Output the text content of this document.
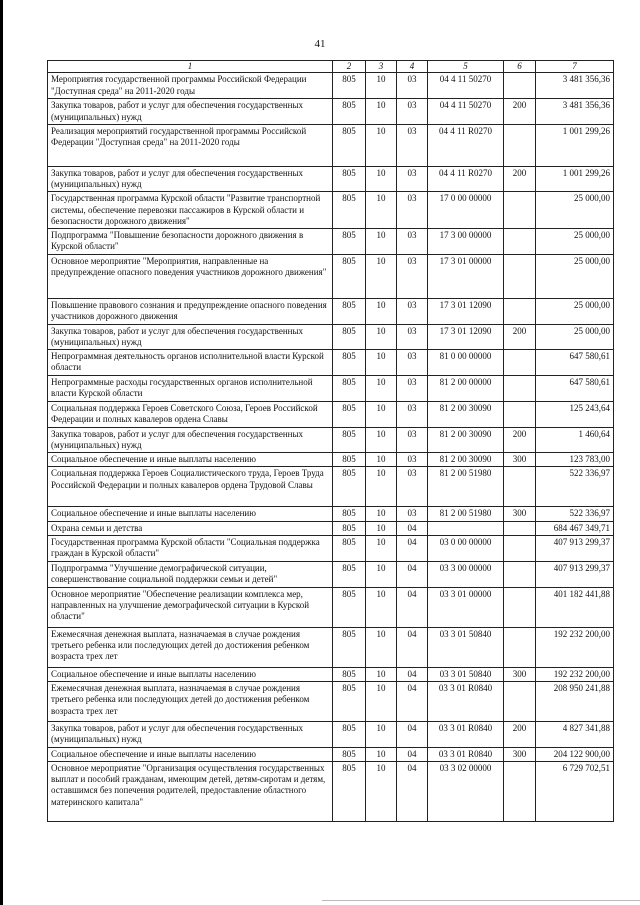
41
1	2	3	4	5	6	7
Мероприятия государственной программы Российской Федерации "Доступная среда" на 2011-2020 годы	805	10	03	04 4 11 50270		3 481 356,36
Закупка товаров, работ и услуг для обеспечения государственных (муниципальных) нужд	805	10	03	04 4 11 50270	200	3 481 356,36
Реализация мероприятий государственной программы Российской Федерации "Доступная среда" на 2011-2020 годы	805	10	03	04 4 11 R0270		1 001 299,26
Закупка товаров, работ и услуг для обеспечения государственных (муниципальных) нужд	805	10	03	04 4 11 R0270	200	1 001 299,26
Государственная программа Курской области "Развитие транспортной системы, обеспечение перевозки пассажиров в Курской области и безопасности дорожного движения"	805	10	03	17 0 00 00000		25 000,00
Подпрограмма "Повышение безопасности дорожного движения в Курской области"	805	10	03	17 3 00 00000		25 000,00
Основное мероприятие "Мероприятия, направленные на предупреждение опасного поведения участников дорожного движения"	805	10	03	17 3 01 00000		25 000,00
Повышение правового сознания и предупреждение опасного поведения участников дорожного движения	805	10	03	17 3 01 12090		25 000,00
Закупка товаров, работ и услуг для обеспечения государственных (муниципальных) нужд	805	10	03	17 3 01 12090	200	25 000,00
Непрограммная деятельность органов исполнительной власти Курской области	805	10	03	81 0 00 00000		647 580,61
Непрограммные расходы государственных органов исполнительной власти Курской области	805	10	03	81 2 00 00000		647 580,61
Социальная поддержка Героев Советского Союза, Героев Российской Федерации и полных кавалеров ордена Славы	805	10	03	81 2 00 30090		125 243,64
Закупка товаров, работ и услуг для обеспечения государственных (муниципальных) нужд	805	10	03	81 2 00 30090	200	1 460,64
Социальное обеспечение и иные выплаты населению	805	10	03	81 2 00 30090	300	123 783,00
Социальная поддержка Героев Социалистического труда, Героев Труда Российской Федерации и полных кавалеров ордена Трудовой Славы	805	10	03	81 2 00 51980		522 336,97
Социальное обеспечение и иные выплаты населению	805	10	03	81 2 00 51980	300	522 336,97
Охрана семьи и детства	805	10	04			684 467 349,71
Государственная программа Курской области "Социальная поддержка граждан в Курской области"	805	10	04	03 0 00 00000		407 913 299,37
Подпрограмма "Улучшение демографической ситуации, совершенствование социальной поддержки семьи и детей"	805	10	04	03 3 00 00000		407 913 299,37
Основное мероприятие "Обеспечение реализации комплекса мер, направленных на улучшение демографической ситуации в Курской области"	805	10	04	03 3 01 00000		401 182 441,88
Ежемесячная денежная выплата, назначаемая в случае рождения третьего ребенка или последующих детей до достижения ребенком возраста трех лет	805	10	04	03 3 01 50840		192 232 200,00
Социальное обеспечение и иные выплаты населению	805	10	04	03 3 01 50840	300	192 232 200,00
Ежемесячная денежная выплата, назначаемая в случае рождения третьего ребенка или последующих детей до достижения ребенком возраста трех лет	805	10	04	03 3 01 R0840		208 950 241,88
Закупка товаров, работ и услуг для обеспечения государственных (муниципальных) нужд	805	10	04	03 3 01 R0840	200	4 827 341,88
Социальное обеспечение и иные выплаты населению	805	10	04	03 3 01 R0840	300	204 122 900,00
Основное мероприятие "Организация осуществления государственных выплат и пособий гражданам, имеющим детей, детям-сиротам и детям, оставшимся без попечения родителей, предоставление областного материнского капитала"	805	10	04	03 3 02 00000		6 729 702,51
